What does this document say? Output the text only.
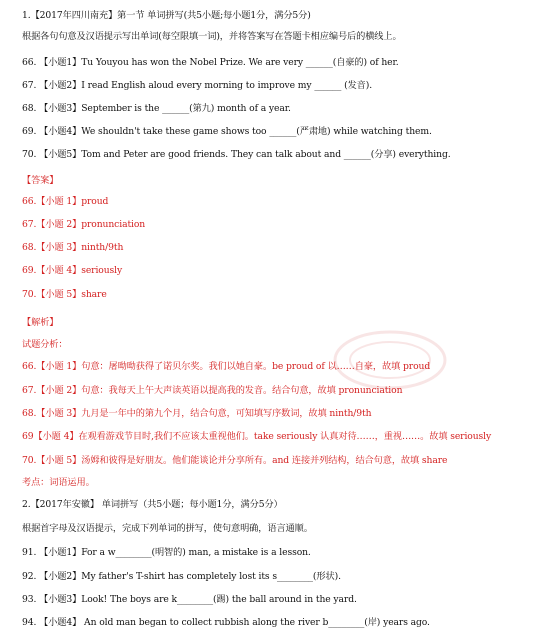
1.【2017年四川南充】第一节 单词拼写(共5小题;每小题1分，满分5分)
根据各句句意及汉语提示写出单词(每空限填一词)，并将答案写在答题卡相应编号后的横线上。
66. 【小题1】Tu Youyou has won the Nobel Prize. We are very ______(自豪的) of her.
67. 【小题2】I read English aloud every morning to improve my ______ (发音).
68. 【小题3】September is the ______(第九) month of a year.
69. 【小题4】We shouldn't take these game shows too ______(严肃地) while watching them.
70. 【小题5】Tom and Peter are good friends. They can talk about and ______(分享) everything.
【答案】
66.【小题 1】proud
67.【小题 2】pronunciation
68.【小题 3】ninth/9th
69.【小题 4】seriously
70.【小题 5】share
【解析】
试题分析：
66.【小题 1】句意：屠呦呦获得了诺贝尔奖。我们以她自豪。be proud of 以……自豪，故填 proud
67.【小题 2】句意：我每天上午大声读英语以提高我的发音。结合句意，故填 pronunciation
68.【小题 3】九月是一年中的第九个月，结合句意，可知填写序数词，故填 ninth/9th
69【小题 4】在观看游戏节目时,我们不应该太重视他们。take seriously 认真对待……，重视……。故填 seriously
70.【小题 5】汤姆和彼得是好朋友。他们能谈论并分享所有。and 连接并列结构，结合句意，故填 share
考点：词语运用。
2.【2017年安徽】 单词拼写（共5小题；每小题1分，满分5分）
根据首字母及汉语提示，完成下列单词的拼写，使句意明确，语言通顺。
91. 【小题1】For a w________(明智的) man, a mistake is a lesson.
92. 【小题2】My father's T-shirt has completely lost its s________(形状).
93. 【小题3】Look! The boys are k________(踢) the ball around in the yard.
94. 【小题4】 An old man began to collect rubbish along the river b________(岸) years ago.
